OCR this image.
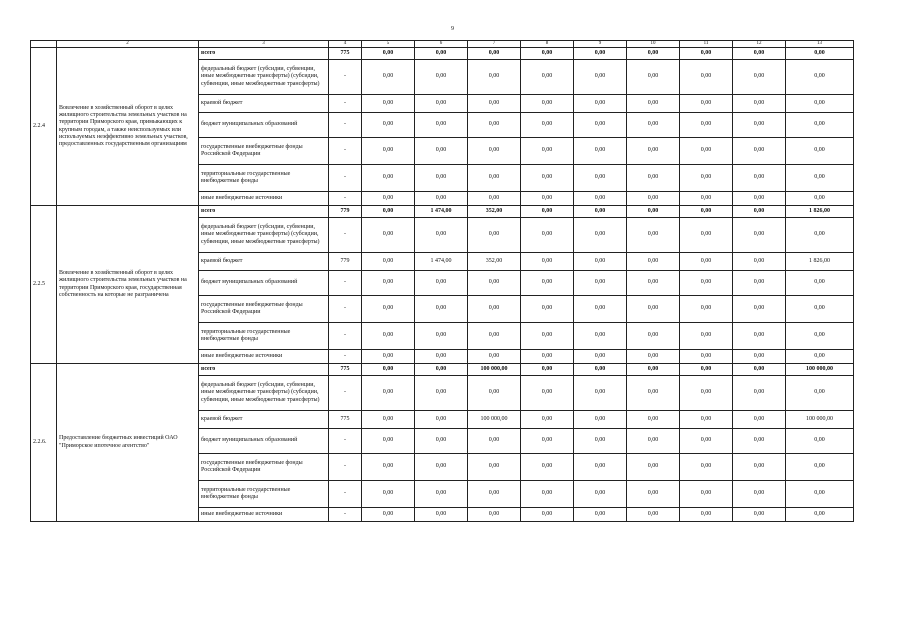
9
	2	3	4	5	6	7	8	9	10	11	12	13
2.2.4	Вовлечение в хозяйственный оборот в целях жилищного строительства земельных участков на территории Приморского края, примыкающих к крупным городам, а также неиспользуемых или используемых неэффективно земельных участков, предоставленных государственным организациям	всего	775	0,00	0,00	0,00	0,00	0,00	0,00	0,00	0,00	0,00
		федеральный бюджет (субсидии, субвенции, иные межбюджетные трансферты) (субсидии, субвенции, иные межбюджетные трансферты)	-	0,00	0,00	0,00	0,00	0,00	0,00	0,00	0,00	0,00
		краевой бюджет	-	0,00	0,00	0,00	0,00	0,00	0,00	0,00	0,00	0,00
		бюджет муниципальных образований	-	0,00	0,00	0,00	0,00	0,00	0,00	0,00	0,00	0,00
		государственные внебюджетные фонды Российской Федерации	-	0,00	0,00	0,00	0,00	0,00	0,00	0,00	0,00	0,00
		территориальные государственные внебюджетные фонды	-	0,00	0,00	0,00	0,00	0,00	0,00	0,00	0,00	0,00
		иные внебюджетные источники	-	0,00	0,00	0,00	0,00	0,00	0,00	0,00	0,00	0,00
2.2.5	Вовлечение в хозяйственный оборот в целях жилищного строительства земельных участков на территории Приморского края, государственная собственность на которые не разграничена	всего	779	0,00	1 474,00	352,00	0,00	0,00	0,00	0,00	0,00	1 826,00
		федеральный бюджет (субсидии, субвенции, иные межбюджетные трансферты) (субсидии, субвенции, иные межбюджетные трансферты)	-	0,00	0,00	0,00	0,00	0,00	0,00	0,00	0,00	0,00
		краевой бюджет	779	0,00	1 474,00	352,00	0,00	0,00	0,00	0,00	0,00	1 826,00
		бюджет муниципальных образований	-	0,00	0,00	0,00	0,00	0,00	0,00	0,00	0,00	0,00
		государственные внебюджетные фонды Российской Федерации	-	0,00	0,00	0,00	0,00	0,00	0,00	0,00	0,00	0,00
		территориальные государственные внебюджетные фонды	-	0,00	0,00	0,00	0,00	0,00	0,00	0,00	0,00	0,00
		иные внебюджетные источники	-	0,00	0,00	0,00	0,00	0,00	0,00	0,00	0,00	0,00
2.2.6.	Предоставление бюджетных инвестиций ОАО "Приморское ипотечное агентство"	всего	775	0,00	0,00	100 000,00	0,00	0,00	0,00	0,00	0,00	100 000,00
		федеральный бюджет (субсидии, субвенции, иные межбюджетные трансферты) (субсидии, субвенции, иные межбюджетные трансферты)	-	0,00	0,00	0,00	0,00	0,00	0,00	0,00	0,00	0,00
		краевой бюджет	775	0,00	0,00	100 000,00	0,00	0,00	0,00	0,00	0,00	100 000,00
		бюджет муниципальных образований	-	0,00	0,00	0,00	0,00	0,00	0,00	0,00	0,00	0,00
		государственные внебюджетные фонды Российской Федерации	-	0,00	0,00	0,00	0,00	0,00	0,00	0,00	0,00	0,00
		территориальные государственные внебюджетные фонды	-	0,00	0,00	0,00	0,00	0,00	0,00	0,00	0,00	0,00
		иные внебюджетные источники	-	0,00	0,00	0,00	0,00	0,00	0,00	0,00	0,00	0,00
